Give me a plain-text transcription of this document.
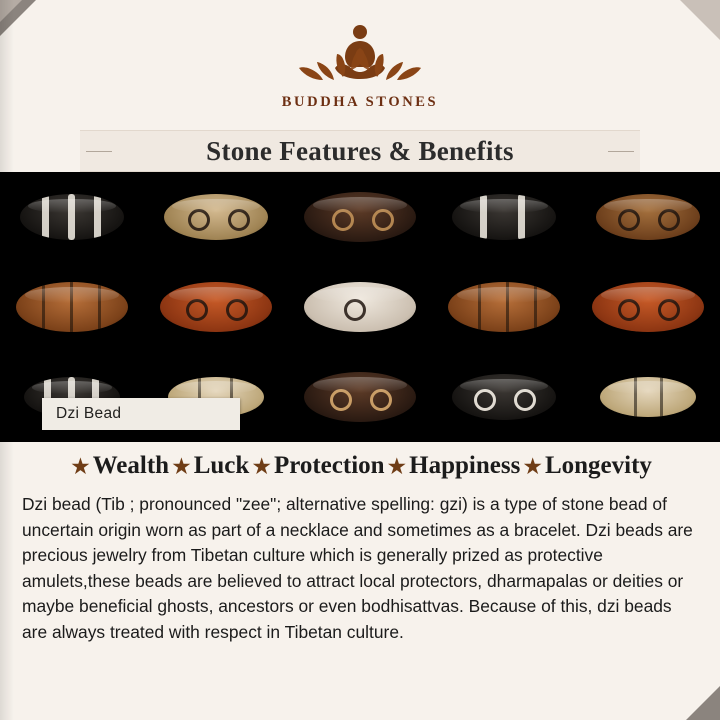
BUDDHA STONES
Stone Features & Benefits
Dzi Bead
★ Wealth ★ Luck ★ Protection ★ Happiness ★ Longevity
Dzi bead (Tib ; pronounced "zee"; alternative spelling: gzi) is a type of stone bead of uncertain origin worn as part of a necklace and sometimes as a bracelet. Dzi beads are precious jewelry from Tibetan culture which is generally prized as protective amulets,these beads are believed to attract local protectors, dharmapalas or deities or maybe beneficial ghosts, ancestors or even bodhisattvas. Because of this, dzi beads are always treated with respect in Tibetan culture.
